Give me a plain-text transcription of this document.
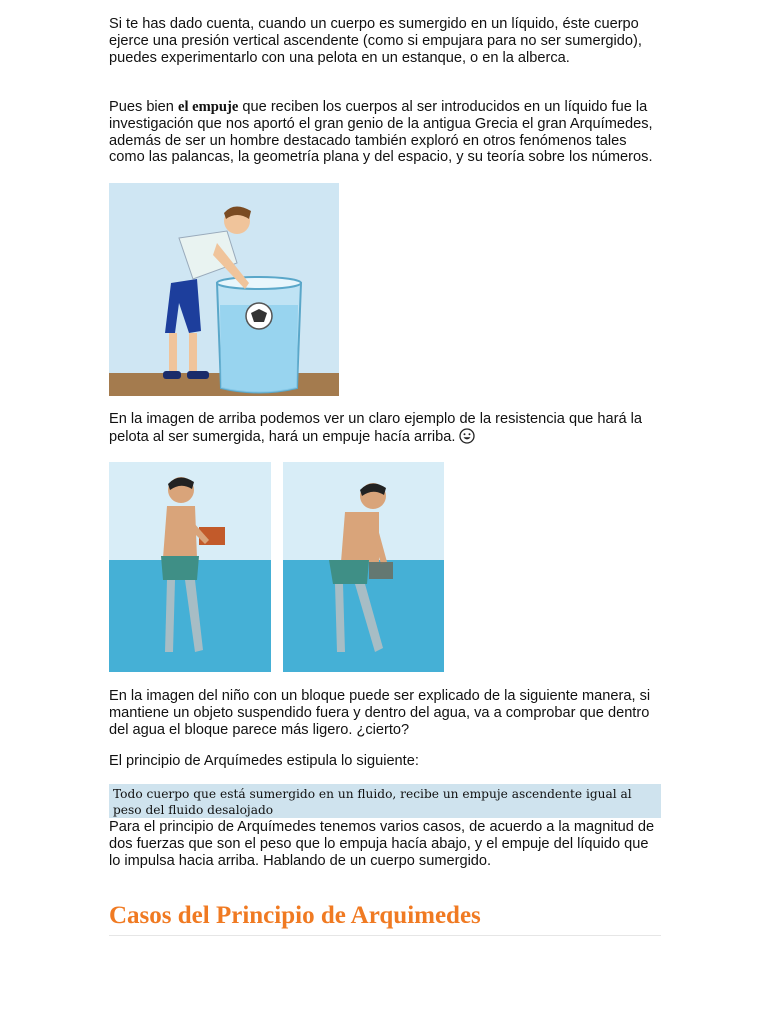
Si te has dado cuenta, cuando un cuerpo es sumergido en un líquido, éste cuerpo ejerce una presión vertical ascendente (como si empujara para no ser sumergido), puedes experimentarlo con una pelota en un estanque, o en la alberca.

Pues bien el empuje que reciben los cuerpos al ser introducidos en un líquido fue la investigación que nos aportó el gran genio de la antigua Grecia el gran Arquímedes, además de ser un hombre destacado también exploró en otros fenómenos tales como las palancas, la geometría plana y del espacio, y su teoría sobre los números.

En la imagen de arriba podemos ver un claro ejemplo de la resistencia que hará la pelota al ser sumergida, hará un empuje hacía arriba.

En la imagen del niño con un bloque puede ser explicado de la siguiente manera, si mantiene un objeto suspendido fuera y dentro del agua, va a comprobar que dentro del agua el bloque parece más ligero. ¿cierto?

El principio de Arquímedes estipula lo siguiente:

Todo cuerpo que está sumergido en un fluido, recibe un empuje ascendente igual al peso del fluido desalojado

Para el principio de Arquímedes tenemos varios casos, de acuerdo a la magnitud de dos fuerzas que son el peso que lo empuja hacía abajo, y el empuje del líquido que lo impulsa hacia arriba. Hablando de un cuerpo sumergido.

Casos del Principio de Arquimedes
